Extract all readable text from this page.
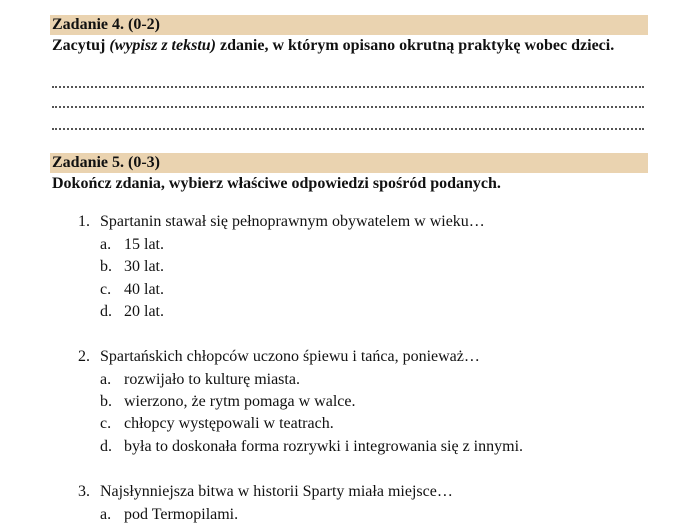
Zadanie 4. (0-2)
Zacytuj (wypisz z tekstu) zdanie, w którym opisano okrutną praktykę wobec dzieci.
Zadanie 5. (0-3)
Dokończ zdania, wybierz właściwe odpowiedzi spośród podanych.
1. Spartanin stawał się pełnoprawnym obywatelem w wieku…
a. 15 lat.
b. 30 lat.
c. 40 lat.
d. 20 lat.
2. Spartańskich chłopców uczono śpiewu i tańca, ponieważ…
a. rozwijało to kulturę miasta.
b. wierzono, że rytm pomaga w walce.
c. chłopcy występowali w teatrach.
d. była to doskonała forma rozrywki i integrowania się z innymi.
3. Najsłynniejsza bitwa w historii Sparty miała miejsce…
a. pod Termopilami.
